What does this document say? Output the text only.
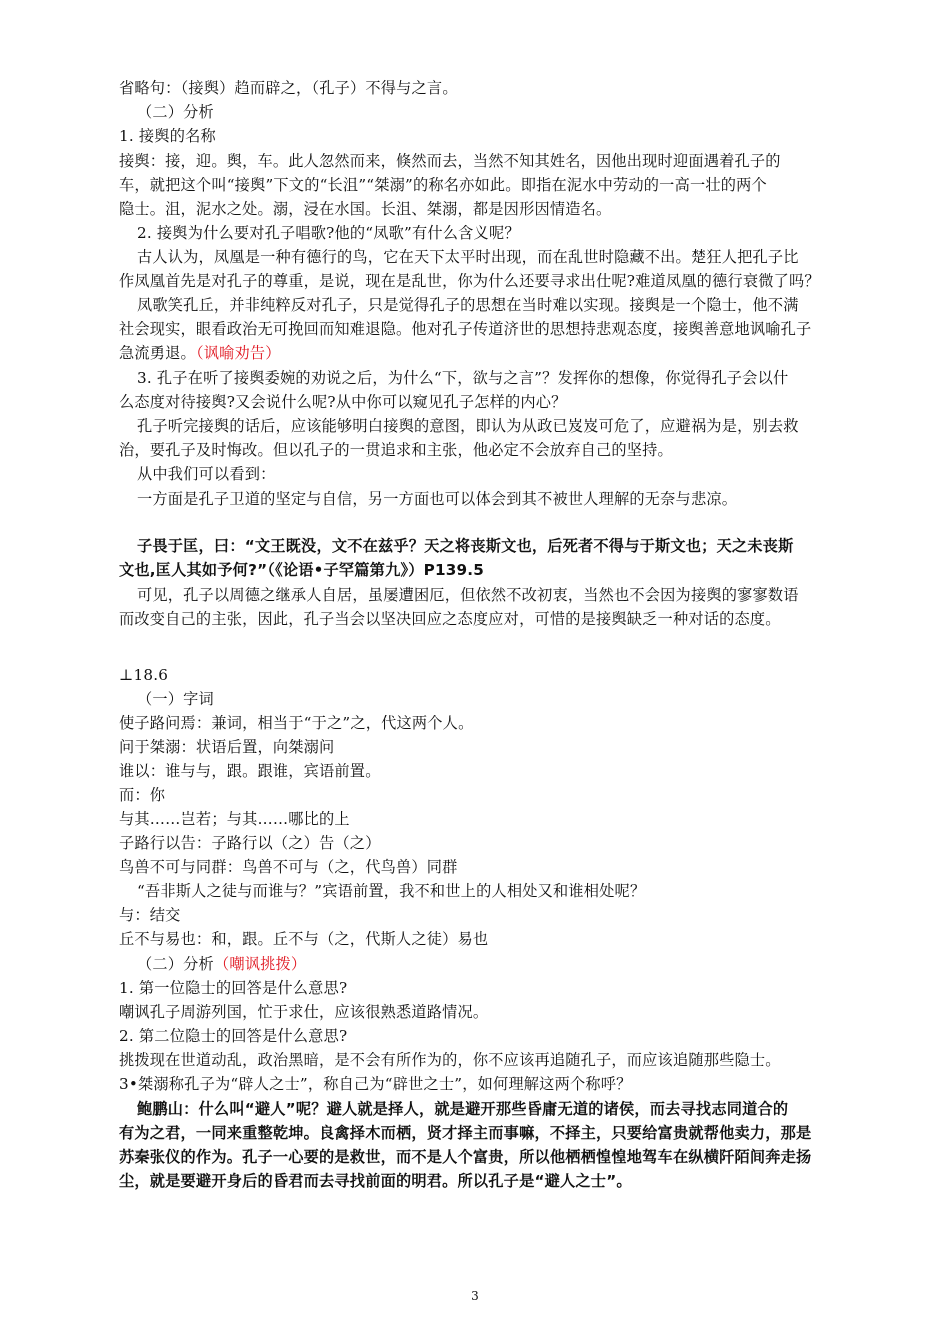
省略句：（接舆）趋而辟之，（孔子）不得与之言。
（二）分析
1. 接舆的名称
接舆：接，迎。舆，车。此人忽然而来，倏然而去，当然不知其姓名，因他出现时迎面遇着孔子的
车，就把这个叫“接舆”下文的“长沮”“桀溺”的称名亦如此。即指在泥水中劳动的一高一壮的两个
隐士。沮，泥水之处。溺，浸在水国。长沮、桀溺，都是因形因情造名。
2. 接舆为什么要对孔子唱歌?他的“凤歌”有什么含义呢？
古人认为，凤凰是一种有德行的鸟，它在天下太平时出现，而在乱世时隐藏不出。楚狂人把孔子比
作凤凰首先是对孔子的尊重，是说，现在是乱世，你为什么还要寻求出仕呢?难道凤凰的德行衰微了吗？
凤歌笑孔丘，并非纯粹反对孔子，只是觉得孔子的思想在当时难以实现。接舆是一个隐士，他不满
社会现实，眼看政治无可挽回而知难退隐。他对孔子传道济世的思想持悲观态度，接舆善意地讽喻孔子
急流勇退。（讽喻劝告）
3. 孔子在听了接舆委婉的劝说之后，为什么“下，欲与之言”？发挥你的想像，你觉得孔子会以什
么态度对待接舆?又会说什么呢?从中你可以窥见孔子怎样的内心？
孔子听完接舆的话后，应该能够明白接舆的意图，即认为从政已岌岌可危了，应避祸为是，别去救
治，要孔子及时悔改。但以孔子的一贯追求和主张，他必定不会放弃自己的坚持。
从中我们可以看到：
一方面是孔子卫道的坚定与自信，另一方面也可以体会到其不被世人理解的无奈与悲凉。
子畏于匡，曰：“文王既没，文不在兹乎？天之将丧斯文也，后死者不得与于斯文也；天之未丧斯
文也,匡人其如予何?”（《论语•子罕篇第九》）P139.5
可见，孔子以周德之继承人自居，虽屡遭困厄，但依然不改初衷，当然也不会因为接舆的寥寥数语
而改变自己的主张，因此，孔子当会以坚决回应之态度应对，可惜的是接舆缺乏一种对话的态度。
⊥18.6
（一）字词
使子路问焉：兼词，相当于“于之”之，代这两个人。
问于桀溺：状语后置，向桀溺问
谁以：谁与与，跟。跟谁，宾语前置。
而：你
与其……岂若；与其……哪比的上
子路行以告：子路行以（之）告（之）
鸟兽不可与同群：鸟兽不可与（之，代鸟兽）同群
“吾非斯人之徒与而谁与？”宾语前置，我不和世上的人相处又和谁相处呢？
与：结交
丘不与易也：和，跟。丘不与（之，代斯人之徒）易也
（二）分析（嘲讽挑拨）
1. 第一位隐士的回答是什么意思?
嘲讽孔子周游列国，忙于求仕，应该很熟悉道路情况。
2. 第二位隐士的回答是什么意思?
挑拨现在世道动乱，政治黑暗，是不会有所作为的，你不应该再追随孔子，而应该追随那些隐士。
3•桀溺称孔子为“辟人之士”，称自己为“辟世之士”，如何理解这两个称呼？
鲍鹏山：什么叫“避人”呢？避人就是择人，就是避开那些昏庸无道的诸侯，而去寻找志同道合的
有为之君，一同来重整乾坤。良禽择木而栖，贤才择主而事嘛，不择主，只要给富贵就帮他卖力，那是
苏秦张仪的作为。孔子一心要的是救世，而不是人个富贵，所以他栖栖惶惶地驾车在纵横阡陌间奔走扬
尘，就是要避开身后的昏君而去寻找前面的明君。所以孔子是“避人之士”。
3
